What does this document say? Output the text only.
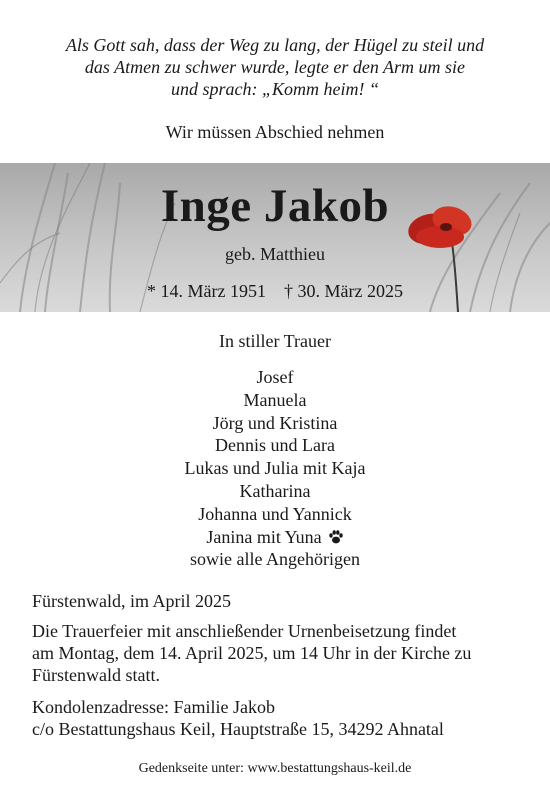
Als Gott sah, dass der Weg zu lang, der Hügel zu steil und
das Atmen zu schwer wurde, legte er den Arm um sie
und sprach: „Komm heim! “
Wir müssen Abschied nehmen
Inge Jakob
geb. Matthieu
* 14. März 1951 † 30. März 2025
In stiller Trauer
Josef
Manuela
Jörg und Kristina
Dennis und Lara
Lukas und Julia mit Kaja
Katharina
Johanna und Yannick
Janina mit Yuna
sowie alle Angehörigen

Fürstenwald, im April 2025

Die Trauerfeier mit anschließender Urnenbeisetzung findet

am Montag, dem 14. April 2025, um 14 Uhr in der Kirche zu

Fürstenwald statt.

Kondolenzadresse: Familie Jakob

c/o Bestattungshaus Keil, Hauptstraße 15, 34292 Ahnatal

Gedenkseite unter: www.bestattungshaus-keil.de
